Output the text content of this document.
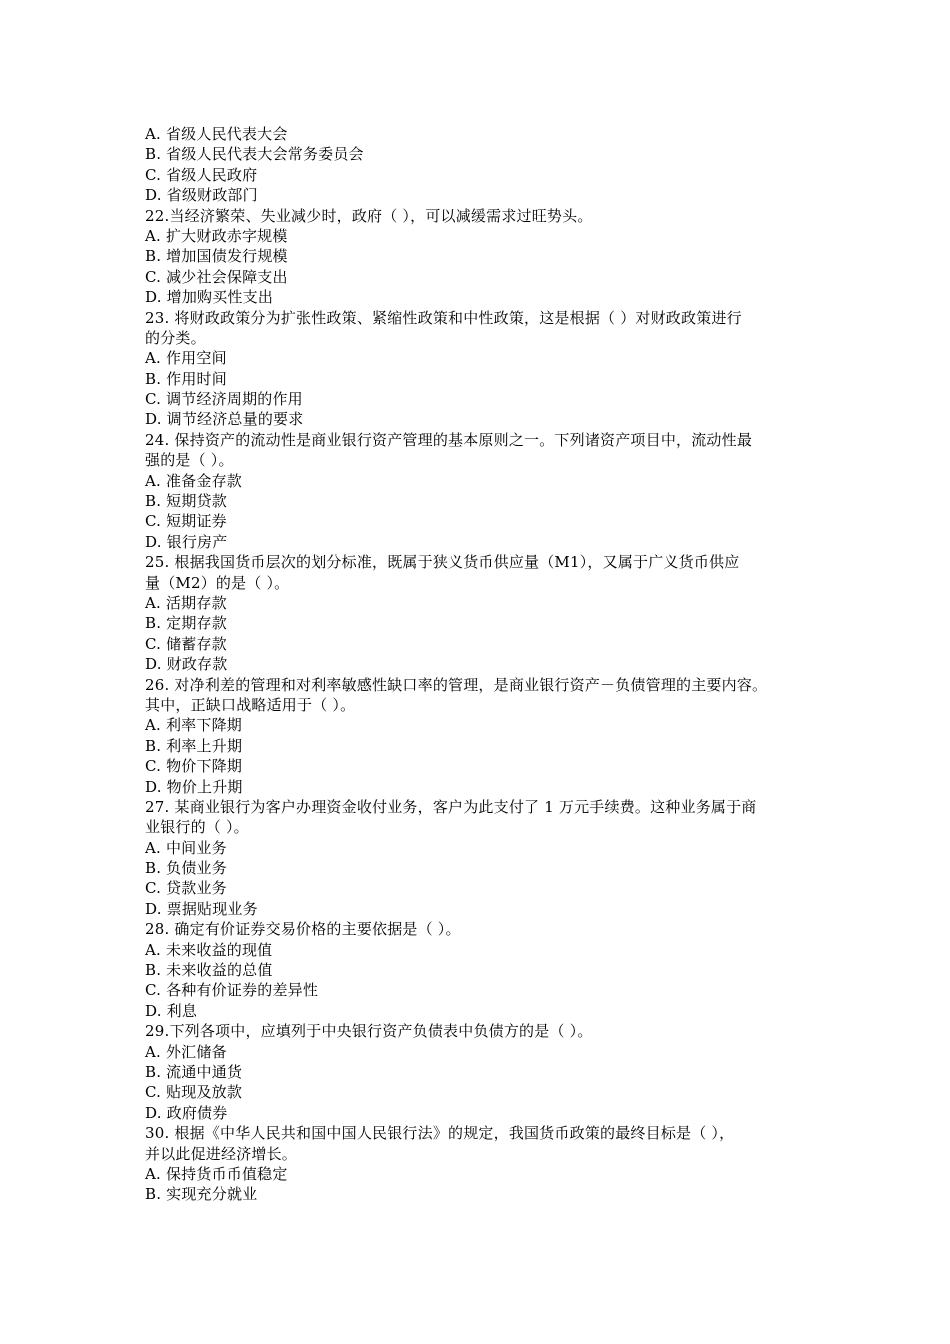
A. 省级人民代表大会
B. 省级人民代表大会常务委员会
C. 省级人民政府
D. 省级财政部门
22.当经济繁荣、失业减少时，政府（ ），可以减缓需求过旺势头。
A. 扩大财政赤字规模
B. 增加国债发行规模
C. 减少社会保障支出
D. 增加购买性支出
23. 将财政政策分为扩张性政策、紧缩性政策和中性政策，这是根据（ ）对财政政策进行
的分类。
A. 作用空间
B. 作用时间
C. 调节经济周期的作用
D. 调节经济总量的要求
24. 保持资产的流动性是商业银行资产管理的基本原则之一。下列诸资产项目中，流动性最
强的是（ ）。
A. 准备金存款
B. 短期贷款
C. 短期证券
D. 银行房产
25. 根据我国货币层次的划分标准，既属于狭义货币供应量（M1），又属于广义货币供应
量（M2）的是（ ）。
A. 活期存款
B. 定期存款
C. 储蓄存款
D. 财政存款
26. 对净利差的管理和对利率敏感性缺口率的管理，是商业银行资产－负债管理的主要内容。
其中，正缺口战略适用于（ ）。
A. 利率下降期
B. 利率上升期
C. 物价下降期
D. 物价上升期
27. 某商业银行为客户办理资金收付业务，客户为此支付了 1 万元手续费。这种业务属于商
业银行的（ ）。
A. 中间业务
B. 负债业务
C. 贷款业务
D. 票据贴现业务
28. 确定有价证券交易价格的主要依据是（ ）。
A. 未来收益的现值
B. 未来收益的总值
C. 各种有价证券的差异性
D. 利息
29.下列各项中，应填列于中央银行资产负债表中负债方的是（ ）。
A. 外汇储备
B. 流通中通货
C. 贴现及放款
D. 政府债券
30. 根据《中华人民共和国中国人民银行法》的规定，我国货币政策的最终目标是（ ），
并以此促进经济增长。
A. 保持货币币值稳定
B. 实现充分就业
